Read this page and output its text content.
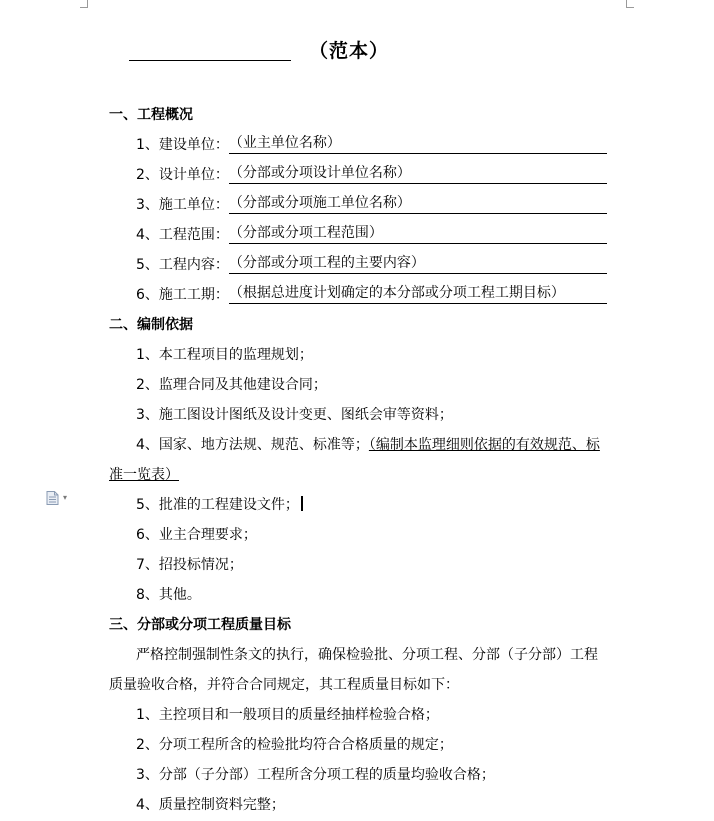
（范本）
一、工程概况
1、建设单位：（业主单位名称）
2、设计单位：（分部或分项设计单位名称）
3、施工单位：（分部或分项施工单位名称）
4、工程范围：（分部或分项工程范围）
5、工程内容：（分部或分项工程的主要内容）
6、施工工期：（根据总进度计划确定的本分部或分项工程工期目标）
二、编制依据
1、本工程项目的监理规划；
2、监理合同及其他建设合同；
3、施工图设计图纸及设计变更、图纸会审等资料；
4、国家、地方法规、规范、标准等；（编制本监理细则依据的有效规范、标
准一览表）
▾	5、批准的工程建设文件；
6、业主合理要求；
7、招投标情况；
8、其他。
三、分部或分项工程质量目标
严格控制强制性条文的执行，确保检验批、分项工程、分部（子分部）工程
质量验收合格，并符合合同规定，其工程质量目标如下：
1、主控项目和一般项目的质量经抽样检验合格；
2、分项工程所含的检验批均符合合格质量的规定；
3、分部（子分部）工程所含分项工程的质量均验收合格；
4、质量控制资料完整；
